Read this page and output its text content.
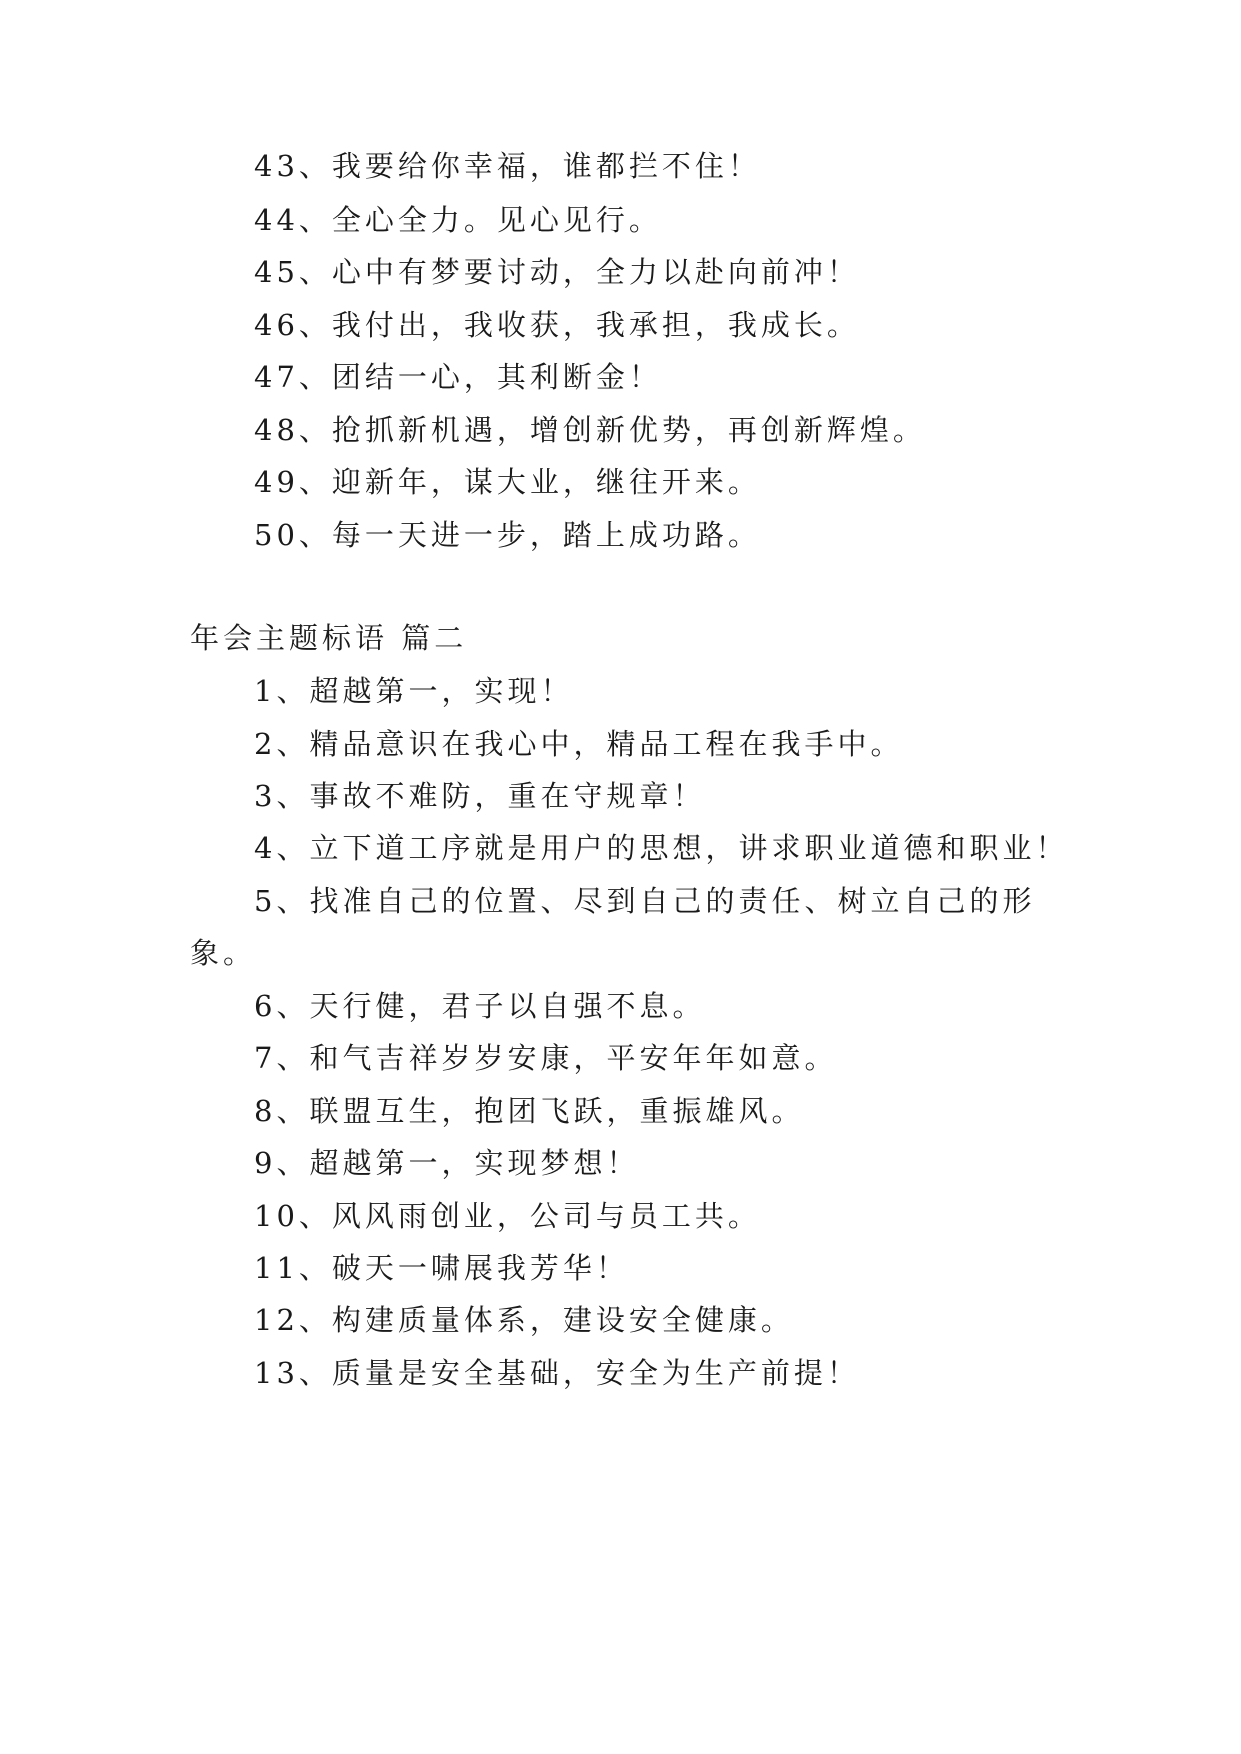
43、我要给你幸福，谁都拦不住！
44、全心全力。见心见行。
45、心中有梦要讨动，全力以赴向前冲！
46、我付出，我收获，我承担，我成长。
47、团结一心，其利断金！
48、抢抓新机遇，增创新优势，再创新辉煌。
49、迎新年，谋大业，继往开来。
50、每一天进一步，踏上成功路。
年会主题标语 篇二
1、超越第一，实现！
2、精品意识在我心中，精品工程在我手中。
3、事故不难防，重在守规章！
4、立下道工序就是用户的思想，讲求职业道德和职业！
5、找准自己的位置、尽到自己的责任、树立自己的形
象。
6、天行健，君子以自强不息。
7、和气吉祥岁岁安康，平安年年如意。
8、联盟互生，抱团飞跃，重振雄风。
9、超越第一，实现梦想！
10、风风雨创业，公司与员工共。
11、破天一啸展我芳华！
12、构建质量体系，建设安全健康。
13、质量是安全基础，安全为生产前提！
